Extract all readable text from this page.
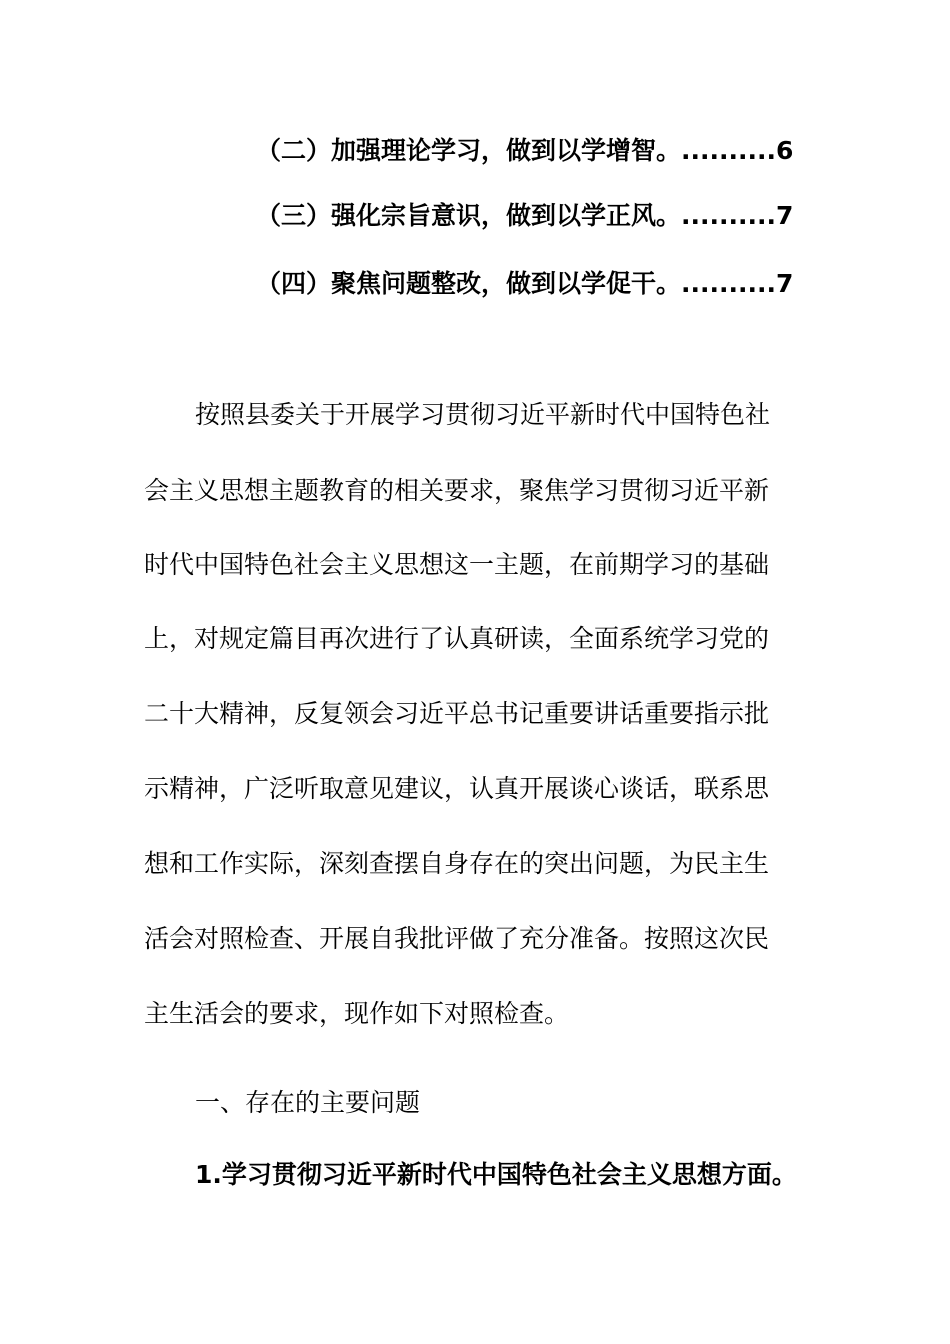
（二）加强理论学习，做到以学增智。..........6
（三）强化宗旨意识，做到以学正风。..........7
（四）聚焦问题整改，做到以学促干。..........7
按照县委关于开展学习贯彻习近平新时代中国特色社
会主义思想主题教育的相关要求，聚焦学习贯彻习近平新
时代中国特色社会主义思想这一主题，在前期学习的基础
上，对规定篇目再次进行了认真研读，全面系统学习党的
二十大精神，反复领会习近平总书记重要讲话重要指示批
示精神，广泛听取意见建议，认真开展谈心谈话，联系思
想和工作实际，深刻查摆自身存在的突出问题，为民主生
活会对照检查、开展自我批评做了充分准备。按照这次民
主生活会的要求，现作如下对照检查。
一、存在的主要问题
1.学习贯彻习近平新时代中国特色社会主义思想方面。
